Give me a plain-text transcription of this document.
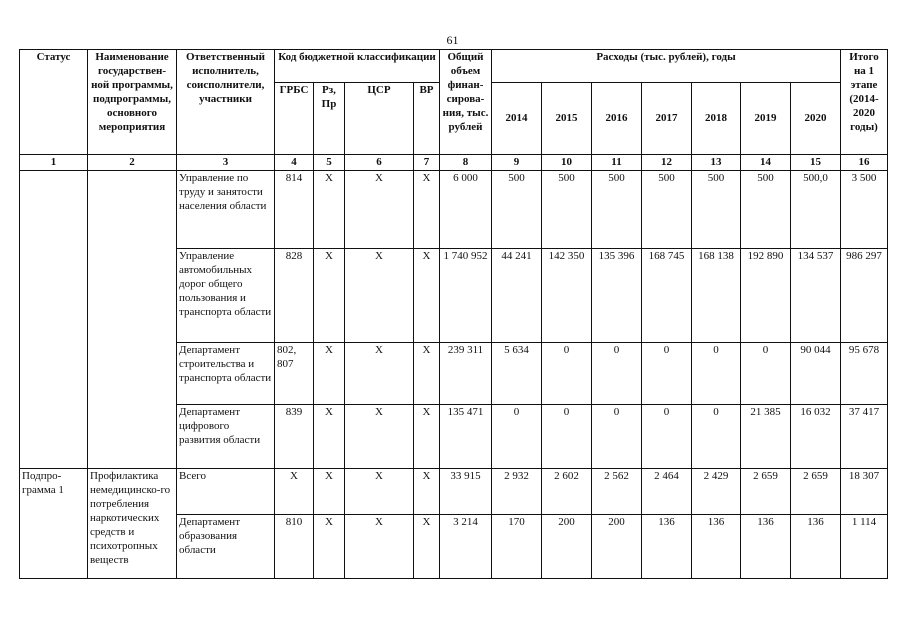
61
Статус	Наименование государствен-ной программы, подпрограммы, основного мероприятия	Ответственный исполнитель, соисполнители, участники	Код бюджетной классификации				Общий объем финан-сирова-ния, тыс. рублей	Расходы (тыс. рублей), годы							Итого на 1 этапе (2014-2020 годы)
			ГРБС	Рз, Пр	ЦСР	ВР		2014	2015	2016	2017	2018	2019	2020	
1	2	3	4	5	6	7	8	9	10	11	12	13	14	15	16
		Управление по труду и занятости населения области	814	X	X	X	6 000	500	500	500	500	500	500	500,0	3 500
		Управление автомобильных дорог общего пользования и транспорта области	828	X	X	X	1 740 952	44 241	142 350	135 396	168 745	168 138	192 890	134 537	986 297
		Департамент строительства и транспорта области	802, 807	X	X	X	239 311	5 634	0	0	0	0	0	90 044	95 678
		Департамент цифрового развития области	839	X	X	X	135 471	0	0	0	0	0	21 385	16 032	37 417
Подпро-грамма 1	Профилактика немедицинско-го потребления наркотических средств и психотропных веществ	Всего	X	X	X	X	33 915	2 932	2 602	2 562	2 464	2 429	2 659	2 659	18 307
		Департамент образования области	810	X	X	X	3 214	170	200	200	136	136	136	136	1 114
